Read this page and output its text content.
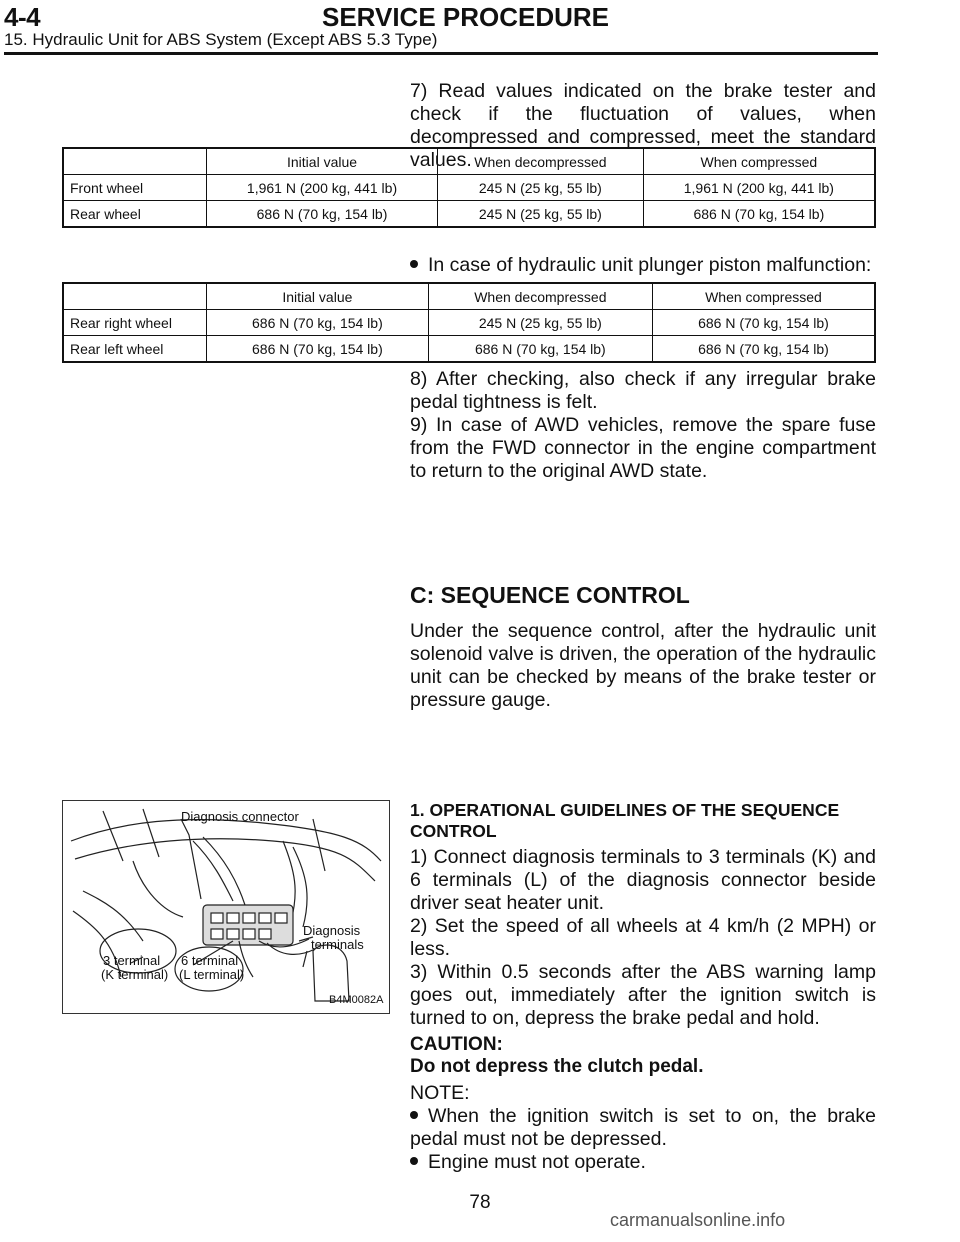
4-4	SERVICE PROCEDURE
15. Hydraulic Unit for ABS System (Except ABS 5.3 Type)

7) Read values indicated on the brake tester and check if the fluctuation of values, when decompressed and compressed, meet the standard values.

	Initial value	When decompressed	When compressed
Front wheel	1,961 N (200 kg, 441 lb)	245 N (25 kg, 55 lb)	1,961 N (200 kg, 441 lb)
Rear wheel	686 N (70 kg, 154 lb)	245 N (25 kg, 55 lb)	686 N (70 kg, 154 lb)
In case of hydraulic unit plunger piston malfunction:
	Initial value	When decompressed	When compressed
Rear right wheel	686 N (70 kg, 154 lb)	245 N (25 kg, 55 lb)	686 N (70 kg, 154 lb)
Rear left wheel	686 N (70 kg, 154 lb)	686 N (70 kg, 154 lb)	686 N (70 kg, 154 lb)

8) After checking, also check if any irregular brake pedal tightness is felt.

9) In case of AWD vehicles, remove the spare fuse from the FWD connector in the engine compartment to return to the original AWD state.

C: SEQUENCE CONTROL

Under the sequence control, after the hydraulic unit solenoid valve is driven, the operation of the hydraulic unit can be checked by means of the brake tester or pressure gauge.

Diagnosis connector
Diagnosis
terminals
3 terminal
(K terminal)
6 terminal
(L terminal)
B4M0082A
1. OPERATIONAL GUIDELINES OF THE SEQUENCE CONTROL

1) Connect diagnosis terminals to 3 terminals (K) and 6 terminals (L) of the diagnosis connector beside driver seat heater unit.

2) Set the speed of all wheels at 4 km/h (2 MPH) or less.

3) Within 0.5 seconds after the ABS warning lamp goes out, immediately after the ignition switch is turned to on, depress the brake pedal and hold.

CAUTION:
Do not depress the clutch pedal.
NOTE:
When the ignition switch is set to on, the brake pedal must not be depressed.
Engine must not operate.
78
carmanualsonline.info
